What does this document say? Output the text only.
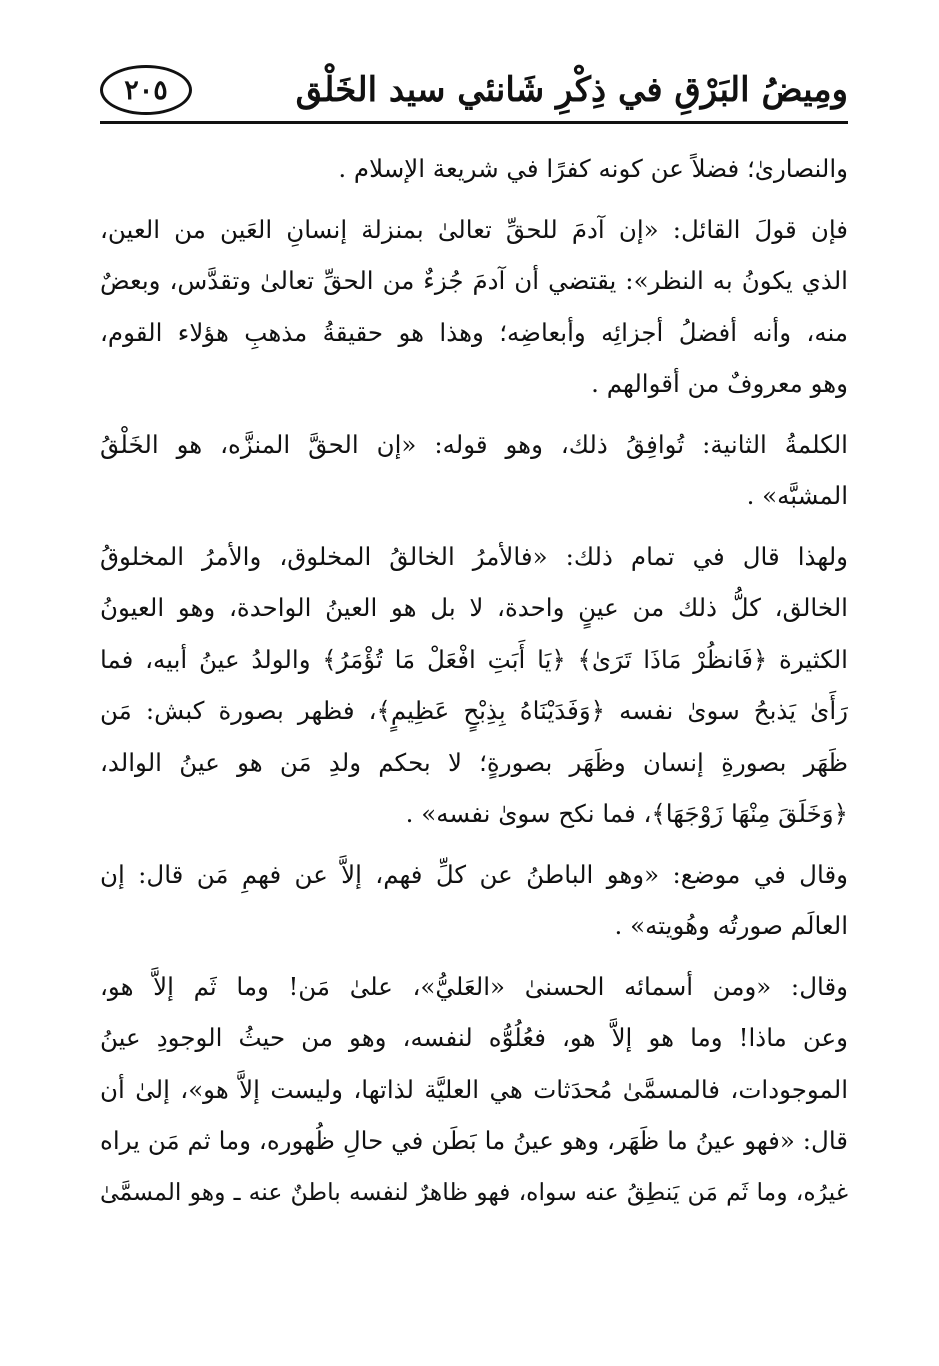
ومِيضُ البَرْقِ في ذِكْرِ شَانئي سيد الخَلْق
٢٠٥
والنصارىٰ؛ فضلاً عن كونه كفرًا في شريعة الإسلام .
فإن قولَ القائل: «إن آدمَ للحقِّ تعالىٰ بمنزلة إنسانِ العَين من العين،
الذي يكونُ به النظر»: يقتضي أن آدمَ جُزءٌ من الحقِّ تعالىٰ وتقدَّس، وبعضٌ
منه، وأنه أفضلُ أجزائِه وأبعاضِه؛ وهذا هو حقيقةُ مذهبِ هؤلاء القوم،
وهو معروفٌ من أقوالهم .
الكلمةُ الثانية: تُوافِقُ ذلك، وهو قوله: «إن الحقَّ المنزَّه، هو الخَلْقُ
المشبَّه» .
ولهذا قال في تمام ذلك: «فالأمرُ الخالقُ المخلوق، والأمرُ المخلوقُ
الخالق، كلُّ ذلك من عينٍ واحدة، لا بل هو العينُ الواحدة، وهو العيونُ
الكثيرة ﴿فَانظُرْ مَاذَا تَرَىٰ﴾ ﴿يَا أَبَتِ افْعَلْ مَا تُؤْمَرُ﴾ والولدُ عينُ أبيه، فما
رَأَىٰ يَذبحُ سوىٰ نفسه ﴿وَفَدَيْنَاهُ بِذِبْحٍ عَظِيمٍ﴾، فظهر بصورة كبش: مَن
ظَهَر بصورةِ إنسان وظَهَر بصورةٍ؛ لا بحكم ولدِ مَن هو عينُ الوالد،
﴿وَخَلَقَ مِنْهَا زَوْجَهَا﴾، فما نكح سوىٰ نفسه» .
وقال في موضع: «وهو الباطنُ عن كلِّ فهم، إلاَّ عن فهمِ مَن قال: إن
العالَم صورتُه وهُويته» .
وقال: «ومن أسمائه الحسنىٰ «العَليُّ»، علىٰ مَن! وما ثَم إلاَّ هو،
وعن ماذا! وما هو إلاَّ هو، فعُلُوُّه لنفسه، وهو من حيثُ الوجودِ عينُ
الموجودات، فالمسمَّىٰ مُحدَثات هي العليَّة لذاتها، وليست إلاَّ هو»، إلىٰ أن
قال: «فهو عينُ ما ظَهَر، وهو عينُ ما بَطَن في حالِ ظُهوره، وما ثم مَن يراه
غيرُه، وما ثَم مَن يَنطِقُ عنه سواه، فهو ظاهرٌ لنفسه باطنٌ عنه ـ وهو المسمَّىٰ
